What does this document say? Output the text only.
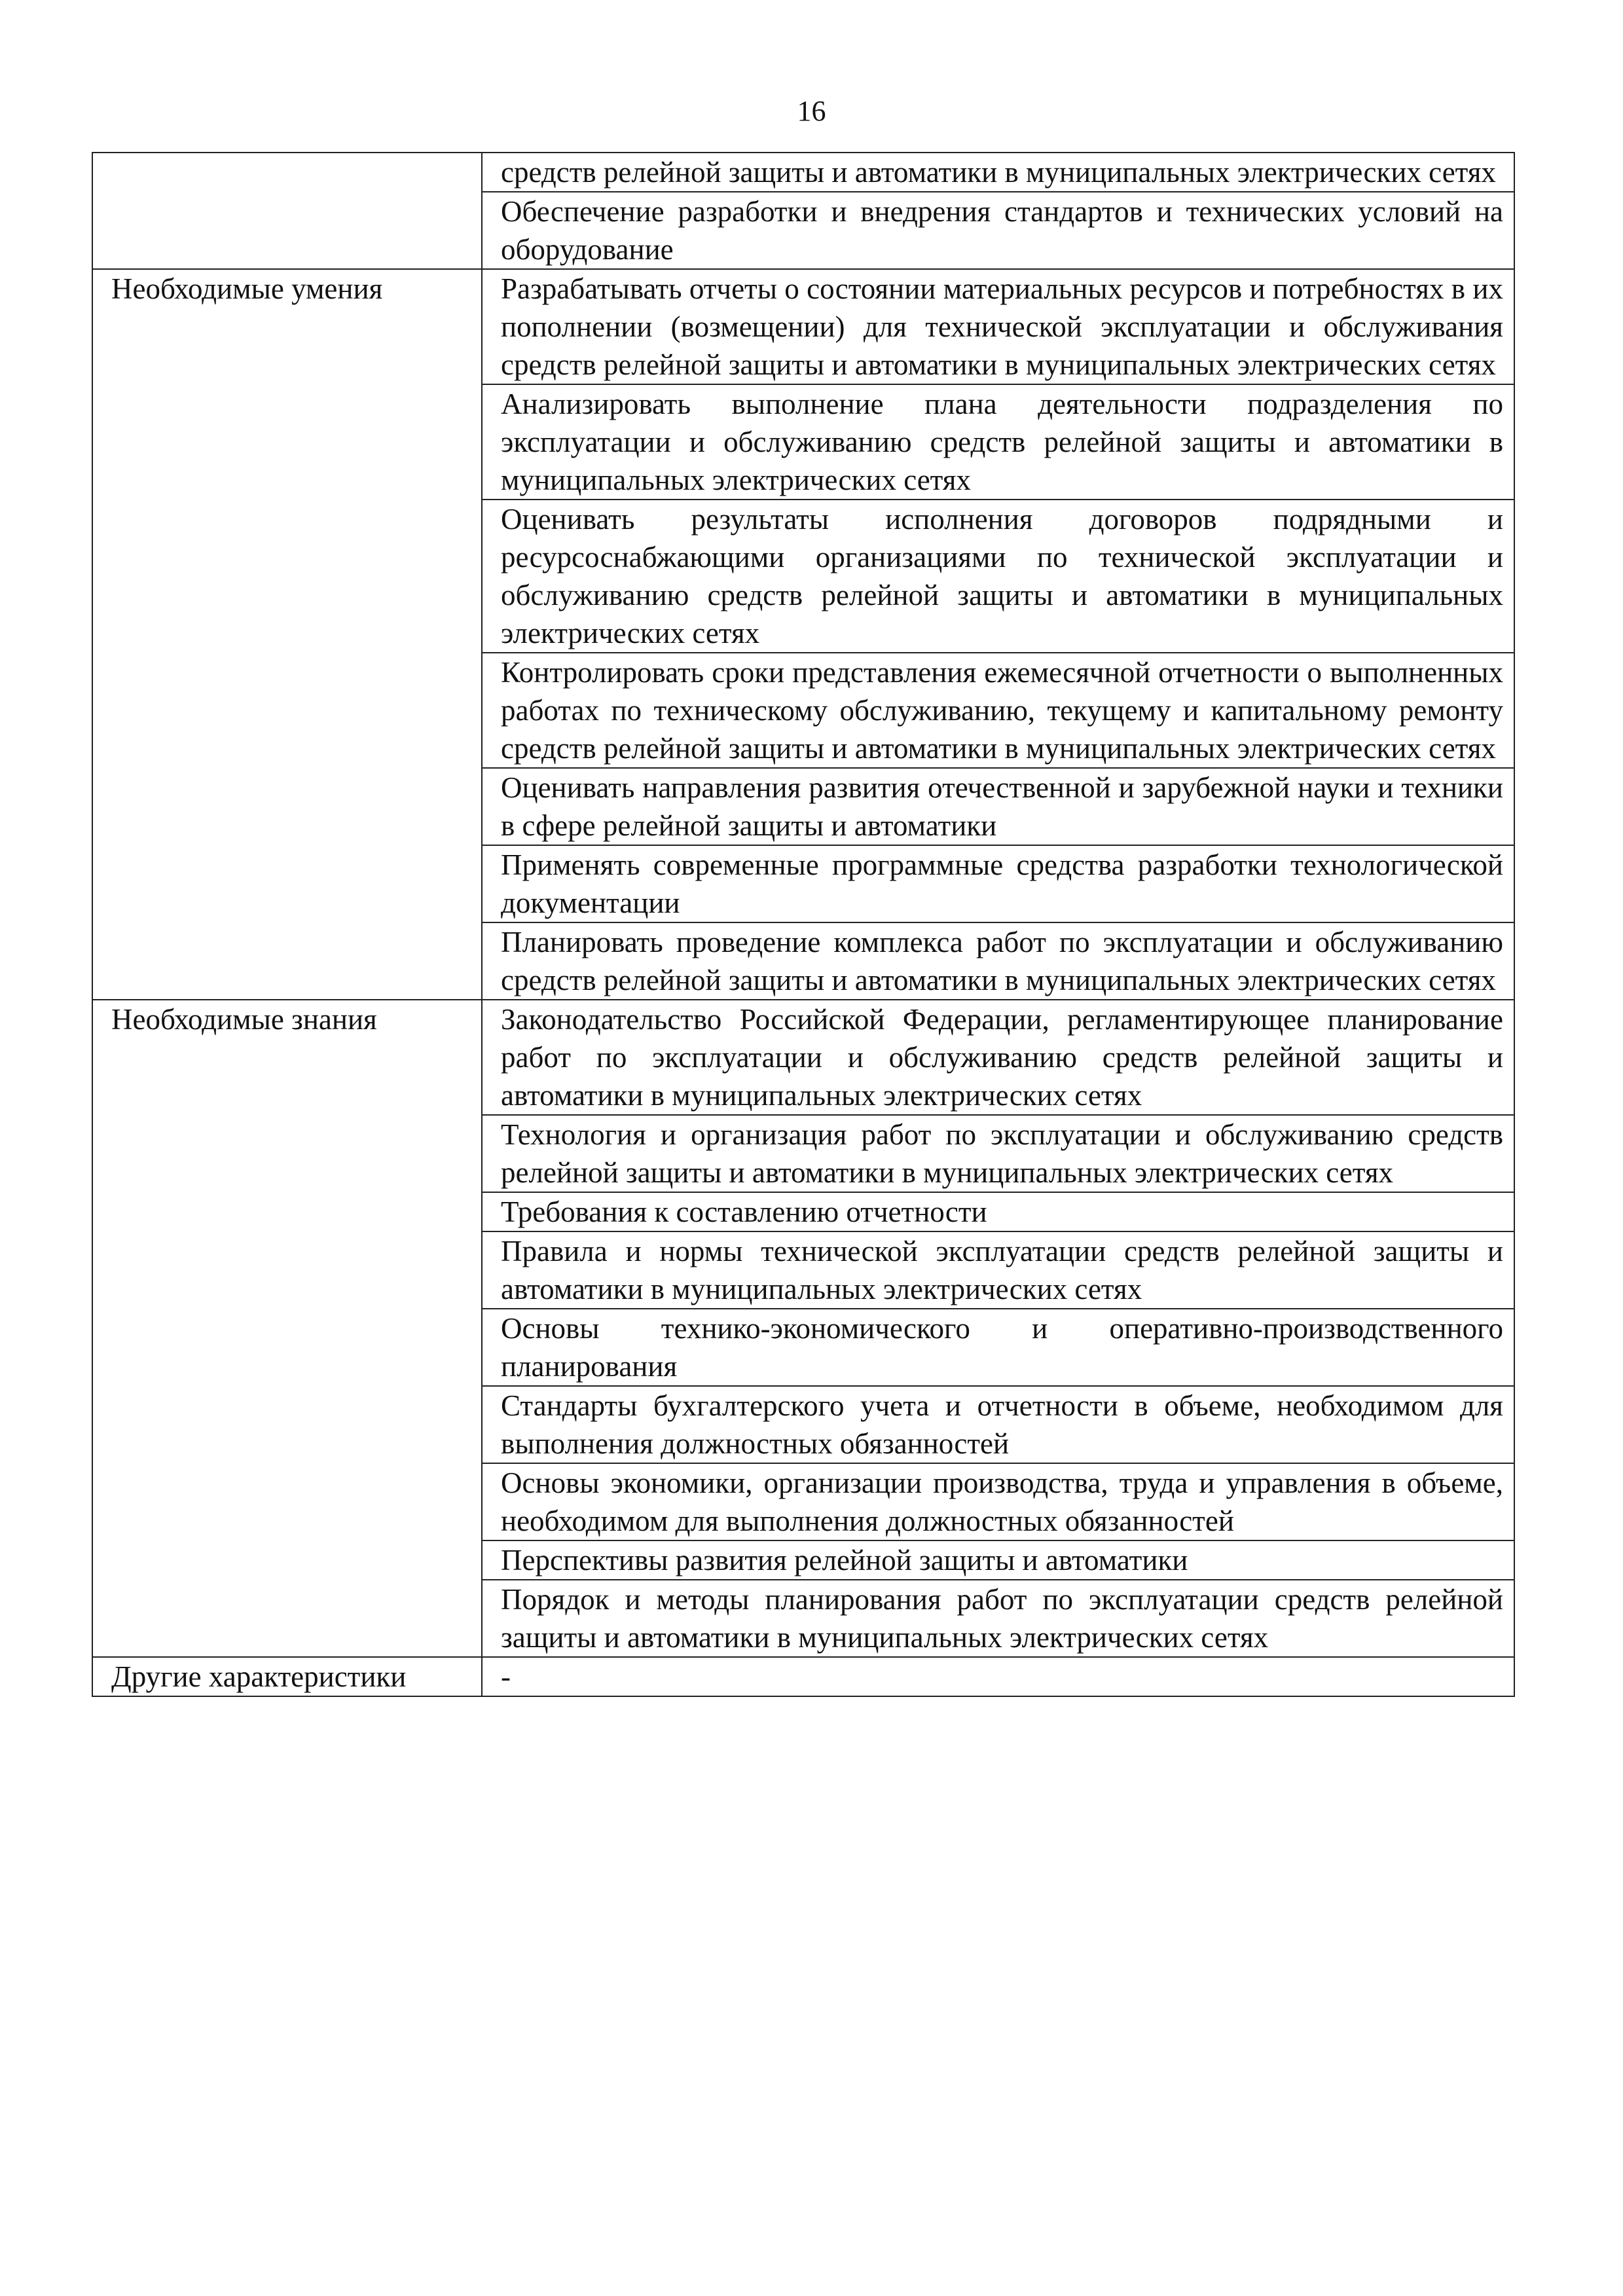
16
	средств релейной защиты и автоматики в муниципальных электрических сетях
	Обеспечение разработки и внедрения стандартов и технических условий на оборудование
Необходимые умения	Разрабатывать отчеты о состоянии материальных ресурсов и потребностях в их пополнении (возмещении) для технической эксплуатации и обслуживания средств релейной защиты и автоматики в муниципальных электрических сетях
	Анализировать выполнение плана деятельности подразделения по эксплуатации и обслуживанию средств релейной защиты и автоматики в муниципальных электрических сетях
	Оценивать результаты исполнения договоров подрядными и ресурсоснабжающими организациями по технической эксплуатации и обслуживанию средств релейной защиты и автоматики в муниципальных электрических сетях
	Контролировать сроки представления ежемесячной отчетности о выполненных работах по техническому обслуживанию, текущему и капитальному ремонту средств релейной защиты и автоматики в муниципальных электрических сетях
	Оценивать направления развития отечественной и зарубежной науки и техники в сфере релейной защиты и автоматики
	Применять современные программные средства разработки технологической документации
	Планировать проведение комплекса работ по эксплуатации и обслуживанию средств релейной защиты и автоматики в муниципальных электрических сетях
Необходимые знания	Законодательство Российской Федерации, регламентирующее планирование работ по эксплуатации и обслуживанию средств релейной защиты и автоматики в муниципальных электрических сетях
	Технология и организация работ по эксплуатации и обслуживанию средств релейной защиты и автоматики в муниципальных электрических сетях
	Требования к составлению отчетности
	Правила и нормы технической эксплуатации средств релейной защиты и автоматики в муниципальных электрических сетях
	Основы технико-экономического и оперативно-производственного планирования
	Стандарты бухгалтерского учета и отчетности в объеме, необходимом для выполнения должностных обязанностей
	Основы экономики, организации производства, труда и управления в объеме, необходимом для выполнения должностных обязанностей
	Перспективы развития релейной защиты и автоматики
	Порядок и методы планирования работ по эксплуатации средств релейной защиты и автоматики в муниципальных электрических сетях
Другие характеристики	-
